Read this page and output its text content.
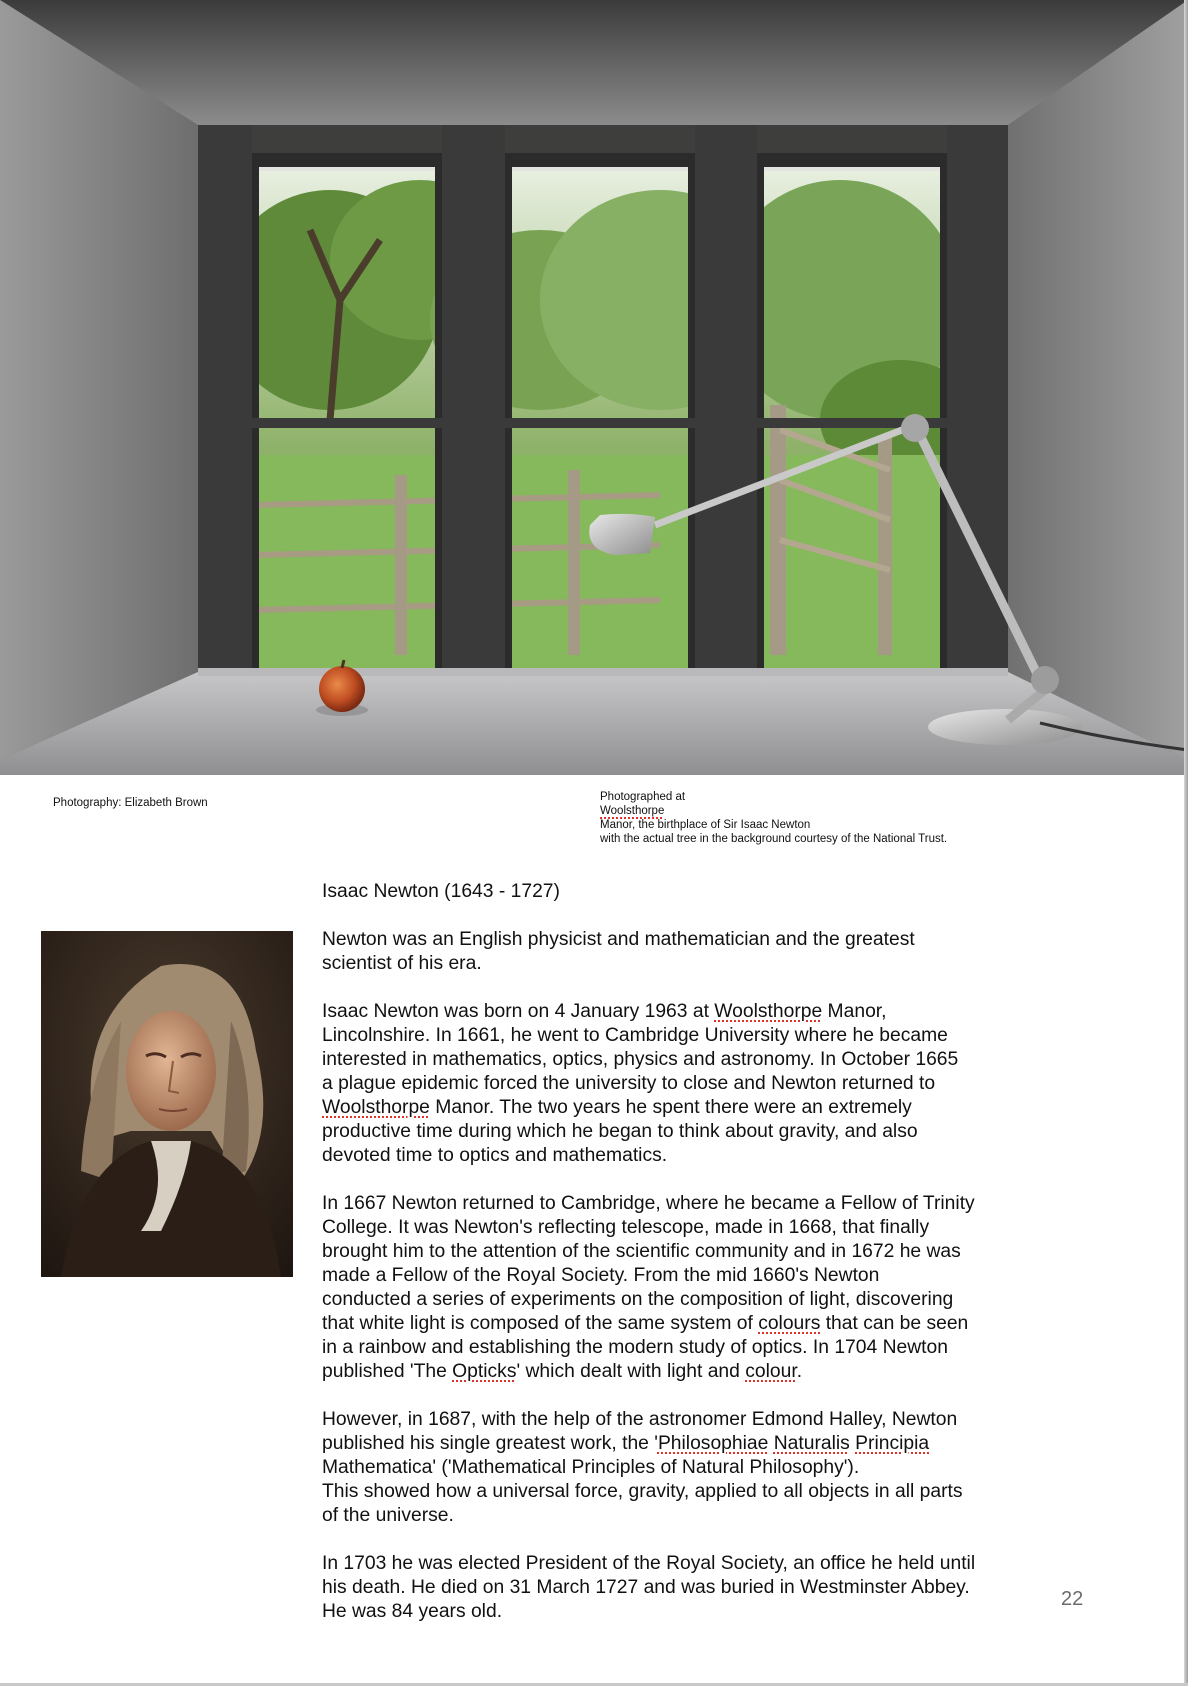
Photography: Elizabeth Brown	Photographed at
Woolsthorpe
Manor, the birthplace of Sir Isaac Newton
with the actual tree in the background courtesy of the National Trust.
Isaac Newton (1643 - 1727)

Newton was an English physicist and mathematician and the greatest
scientist of his era.

Isaac Newton was born on 4 January 1963 at Woolsthorpe Manor,
Lincolnshire. In 1661, he went to Cambridge University where he became
interested in mathematics, optics, physics and astronomy. In October 1665
a plague epidemic forced the university to close and Newton returned to
Woolsthorpe Manor. The two years he spent there were an extremely
productive time during which he began to think about gravity, and also
devoted time to optics and mathematics.

In 1667 Newton returned to Cambridge, where he became a Fellow of Trinity
College. It was Newton's reflecting telescope, made in 1668, that finally
brought him to the attention of the scientific community and in 1672 he was
made a Fellow of the Royal Society. From the mid 1660's Newton
conducted a series of experiments on the composition of light, discovering
that white light is composed of the same system of colours that can be seen
in a rainbow and establishing the modern study of optics. In 1704 Newton
published 'The Opticks' which dealt with light and colour.

However, in 1687, with the help of the astronomer Edmond Halley, Newton
published his single greatest work, the 'Philosophiae Naturalis Principia
Mathematica' ('Mathematical Principles of Natural Philosophy').
This showed how a universal force, gravity, applied to all objects in all parts
of the universe.

In 1703 he was elected President of the Royal Society, an office he held until
his death. He died on 31 March 1727 and was buried in Westminster Abbey.
He was 84 years old.

22
